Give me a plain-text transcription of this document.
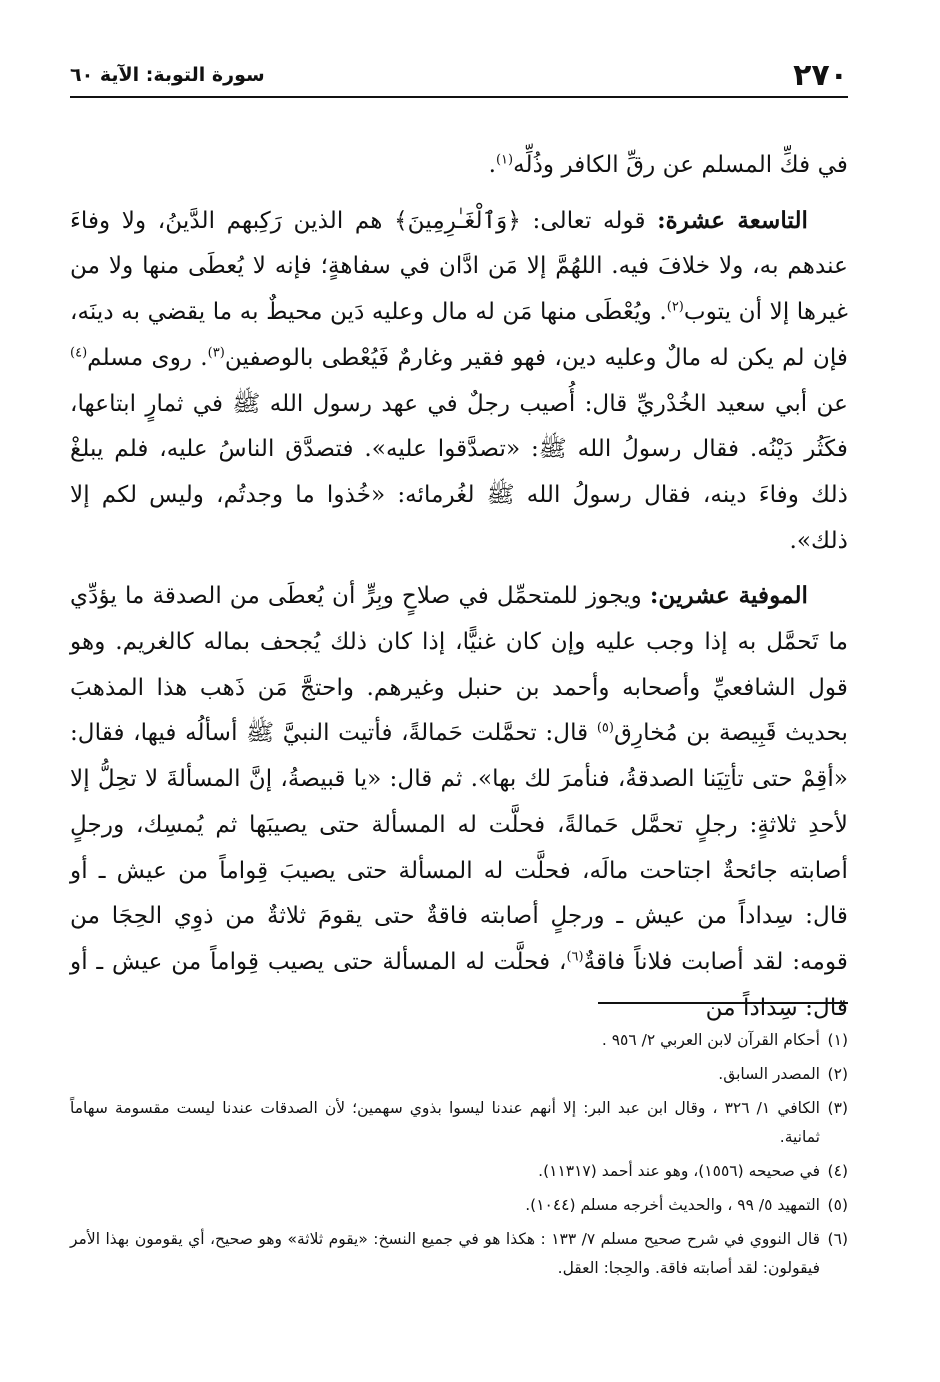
٢٧٠
سورة التوبة: الآية ٦٠

في فكِّ المسلم عن رقِّ الكافر وذُلِّه$^{(١)}$.

التاسعة عشرة: قوله تعالى: ﴿وَٱلْغَـٰرِمِينَ﴾ هم الذين رَكِبهم الدَّينُ، ولا وفاءَ عندهم به، ولا خلافَ فيه. اللهُمَّ إلا مَن ادَّان في سفاهةٍ؛ فإنه لا يُعطَى منها ولا من غيرها إلا أن يتوب$^{(٢)}$. ويُعْطَى منها مَن له مال وعليه دَين محيطٌ به ما يقضي به دينَه، فإن لم يكن له مالٌ وعليه دين، فهو فقير وغارمٌ فَيُعْطى بالوصفين$^{(٣)}$. روى مسلم$^{(٤)}$ عن أبي سعيد الخُدْريِّ قال: أُصيب رجلٌ في عهد رسول الله ﷺ في ثمارٍ ابتاعها، فكَثُر دَيْنُه. فقال رسولُ الله ﷺ: «تصدَّقوا عليه». فتصدَّق الناسُ عليه، فلم يبلغْ ذلك وفاءَ دينه، فقال رسولُ الله ﷺ لغُرمائه: «خُذوا ما وجدتُم، وليس لكم إلا ذلك».

الموفية عشرين: ويجوز للمتحمِّل في صلاحٍ وبِرٍّ أن يُعطَى من الصدقة ما يؤدِّي ما تَحمَّل به إذا وجب عليه وإن كان غنيًّا، إذا كان ذلك يُجحف بماله كالغريم. وهو قول الشافعيِّ وأصحابه وأحمد بن حنبل وغيرهم. واحتجَّ مَن ذَهب هذا المذهبَ بحديث قَبِيصة بن مُخارِق$^{(٥)}$ قال: تحمَّلت حَمالةً، فأتيت النبيَّ ﷺ أسألُه فيها، فقال: «أقِمْ حتى تأتِيَنا الصدقةُ، فنأمرَ لك بها». ثم قال: «يا قبيصةُ، إنَّ المسألةَ لا تحِلُّ إلا لأحدِ ثلاثةٍ: رجلٍ تحمَّل حَمالةً، فحلَّت له المسألة حتى يصيبَها ثم يُمسِك، ورجلٍ أصابته جائحةٌ اجتاحت مالَه، فحلَّت له المسألة حتى يصيبَ قِواماً من عيش ـ أو قال: سِداداً من عيش ـ ورجلٍ أصابته فاقةٌ حتى يقومَ ثلاثةٌ من ذوِي الحِجَا من قومه: لقد أصابت فلاناً فاقةٌ$^{(٦)}$، فحلَّت له المسألة حتى يصيب قِواماً من عيش ـ أو قال: سِداداً من

(١)
أحكام القرآن لابن العربي ٢/ ٩٥٦ .
(٢)
المصدر السابق.
(٣)
الكافي ١/ ٣٢٦ ، وقال ابن عبد البر: إلا أنهم عندنا ليسوا بذوي سهمين؛ لأن الصدقات عندنا ليست مقسومة سهاماً ثمانية.
(٤)
في صحيحه (١٥٥٦)، وهو عند أحمد (١١٣١٧).
(٥)
التمهيد ٥/ ٩٩ ، والحديث أخرجه مسلم (١٠٤٤).
(٦)
قال النووي في شرح صحيح مسلم ٧/ ١٣٣ : هكذا هو في جميع النسخ: «يقوم ثلاثة» وهو صحيح، أي يقومون بهذا الأمر فيقولون: لقد أصابته فاقة. والحِجا: العقل.
